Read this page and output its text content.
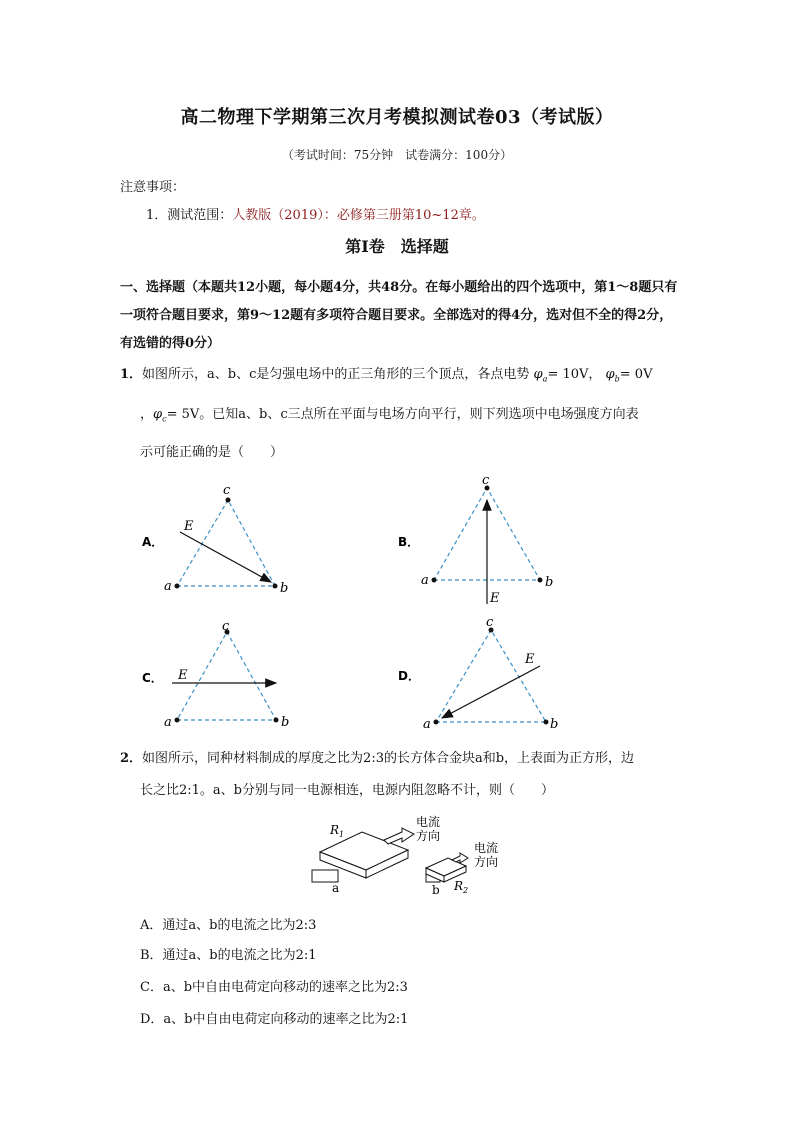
高二物理下学期第三次月考模拟测试卷03（考试版）
（考试时间：75分钟　试卷满分：100分）
注意事项：
1．测试范围：人教版（2019）：必修第三册第10~12章。
第Ⅰ卷　选择题
一、选择题（本题共12小题，每小题4分，共48分。在每小题给出的四个选项中，第1～8题只有一项符合题目要求，第9～12题有多项符合题目要求。全部选对的得4分，选对但不全的得2分，有选错的得0分）
1．如图所示，a、b、c是匀强电场中的正三角形的三个顶点，各点电势 $\varphi_a= 10V$， $\varphi_b= 0V$
，$\varphi_c= 5V$。已知a、b、c三点所在平面与电场方向平行，则下列选项中电场强度方向表
示可能正确的是（　　）
A．
a	b
c
E
B．
a	b
c
E
C．
a	b
c
E	D．
a	b
c
E
2．如图所示，同种材料制成的厚度之比为2:3的长方体合金块a和b，上表面为正方形，边
长之比2:1。a、b分别与同一电源相连，电源内阻忽略不计，则（　　）
$R_1$
电流
方向
a
电流
方向
b $R_2$
A．通过a、b的电流之比为2:3
B．通过a、b的电流之比为2:1
C．a、b中自由电荷定向移动的速率之比为2:3
D．a、b中自由电荷定向移动的速率之比为2:1
